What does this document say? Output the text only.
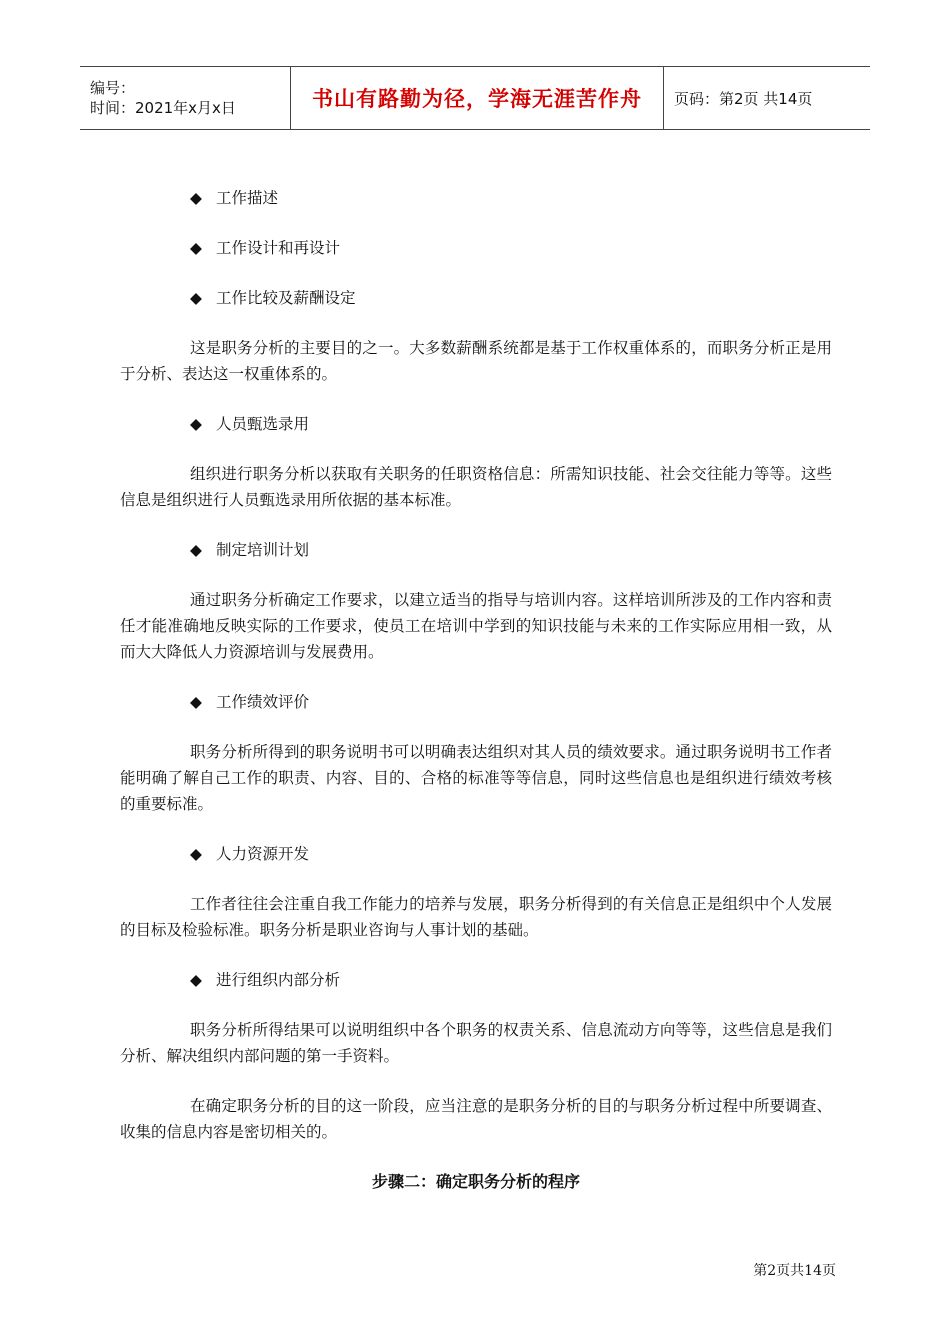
编号：
时间：2021年x月x日	书山有路勤为径，学海无涯苦作舟 页码：第2页 共14页

◆ 工作描述

◆ 工作设计和再设计

◆ 工作比较及薪酬设定

这是职务分析的主要目的之一。大多数薪酬系统都是基于工作权重体系的，而职务分析正是用于分析、表达这一权重体系的。

◆ 人员甄选录用

组织进行职务分析以获取有关职务的任职资格信息：所需知识技能、社会交往能力等等。这些信息是组织进行人员甄选录用所依据的基本标准。

◆ 制定培训计划

通过职务分析确定工作要求，以建立适当的指导与培训内容。这样培训所涉及的工作内容和责任才能准确地反映实际的工作要求，使员工在培训中学到的知识技能与未来的工作实际应用相一致，从而大大降低人力资源培训与发展费用。

◆ 工作绩效评价

职务分析所得到的职务说明书可以明确表达组织对其人员的绩效要求。通过职务说明书工作者能明确了解自己工作的职责、内容、目的、合格的标准等等信息，同时这些信息也是组织进行绩效考核的重要标准。

◆ 人力资源开发

工作者往往会注重自我工作能力的培养与发展，职务分析得到的有关信息正是组织中个人发展的目标及检验标准。职务分析是职业咨询与人事计划的基础。

◆ 进行组织内部分析

职务分析所得结果可以说明组织中各个职务的权责关系、信息流动方向等等，这些信息是我们分析、解决组织内部问题的第一手资料。

在确定职务分析的目的这一阶段，应当注意的是职务分析的目的与职务分析过程中所要调查、收集的信息内容是密切相关的。

步骤二：确定职务分析的程序
第2页共14页
